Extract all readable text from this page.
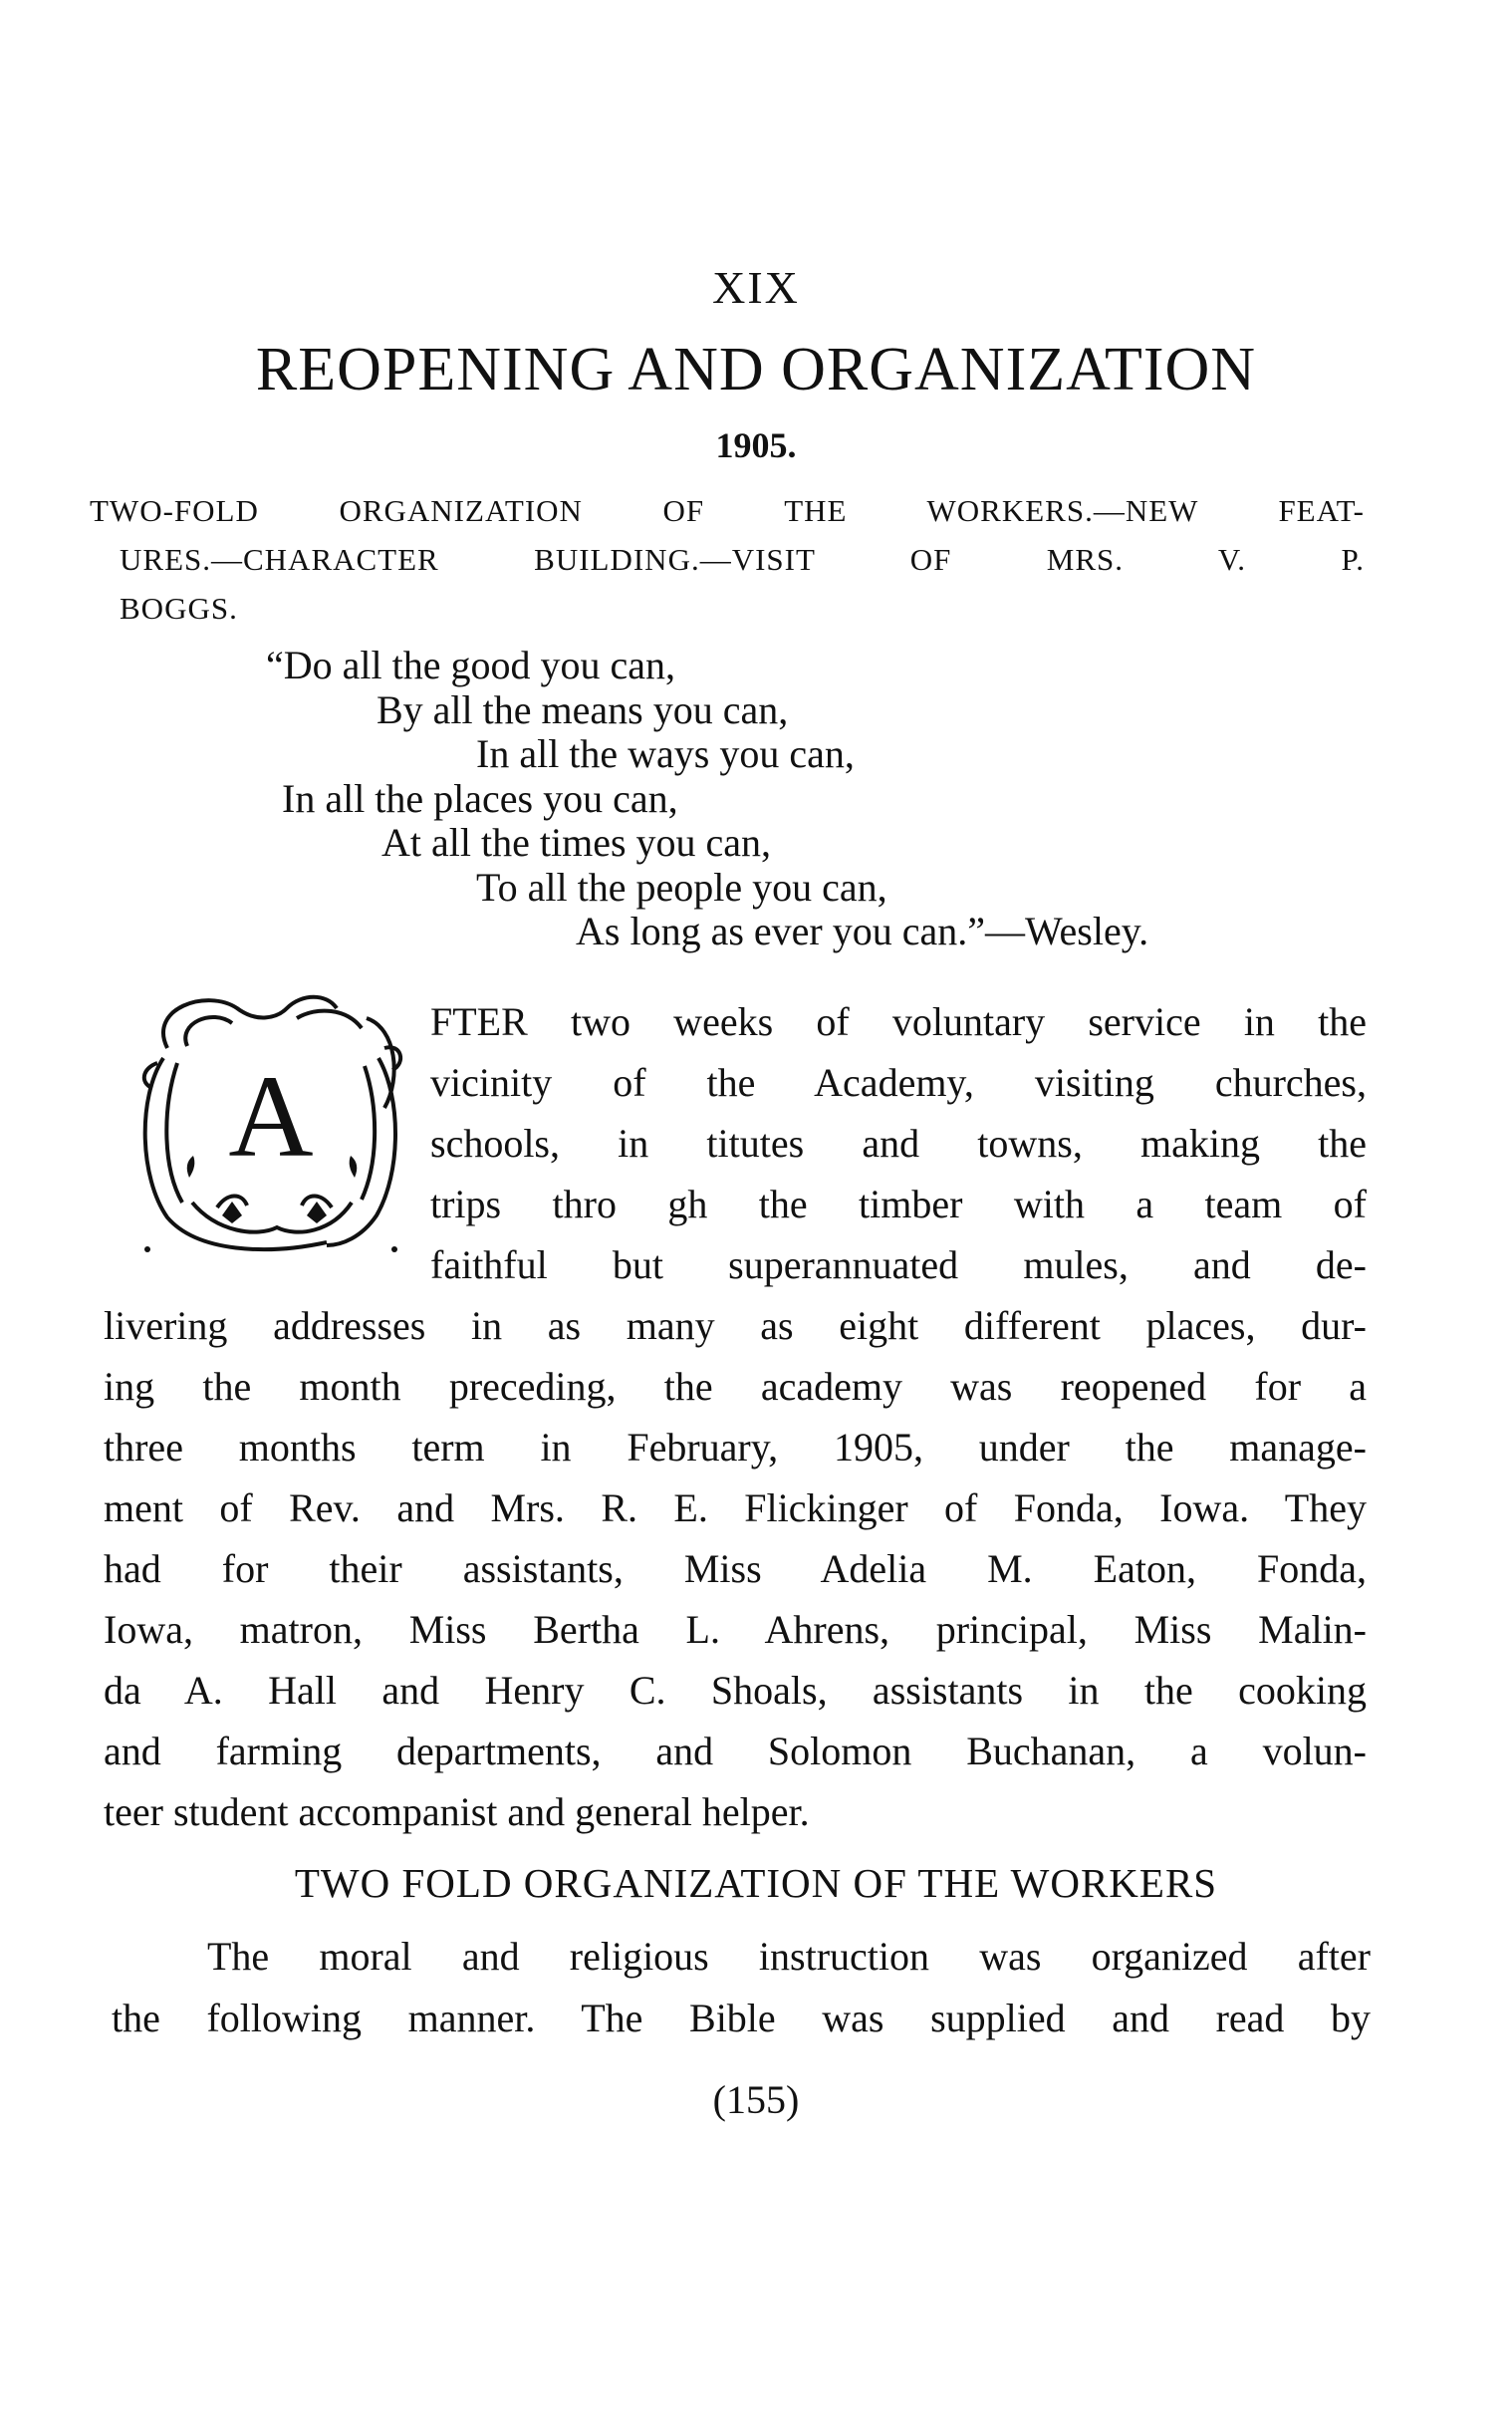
XIX
REOPENING AND ORGANIZATION
1905.
TWO-FOLD ORGANIZATION OF THE WORKERS.—NEW FEAT-
URES.—CHARACTER BUILDING.—VISIT OF MRS. V. P.
BOGGS.
“Do all the good you can,
By all the means you can,
In all the ways you can,
In all the places you can,
At all the times you can,
To all the people you can,
As long as ever you can.”—Wesley.
A
FTER two weeks of voluntary service in the
vicinity of the Academy, visiting churches,
schools, in titutes and towns, making the
trips thro gh the timber with a team of
faithful but superannuated mules, and de-
livering addresses in as many as eight different places, dur-
ing the month preceding, the academy was reopened for a
three months term in February, 1905, under the manage-
ment of Rev. and Mrs. R. E. Flickinger of Fonda, Iowa. They
had for their assistants, Miss Adelia M. Eaton, Fonda,
Iowa, matron, Miss Bertha L. Ahrens, principal, Miss Malin-
da A. Hall and Henry C. Shoals, assistants in the cooking
and farming departments, and Solomon Buchanan, a volun-
teer student accompanist and general helper.
TWO FOLD ORGANIZATION OF THE WORKERS
The moral and religious instruction was organized after
the following manner. The Bible was supplied and read by
(155)
